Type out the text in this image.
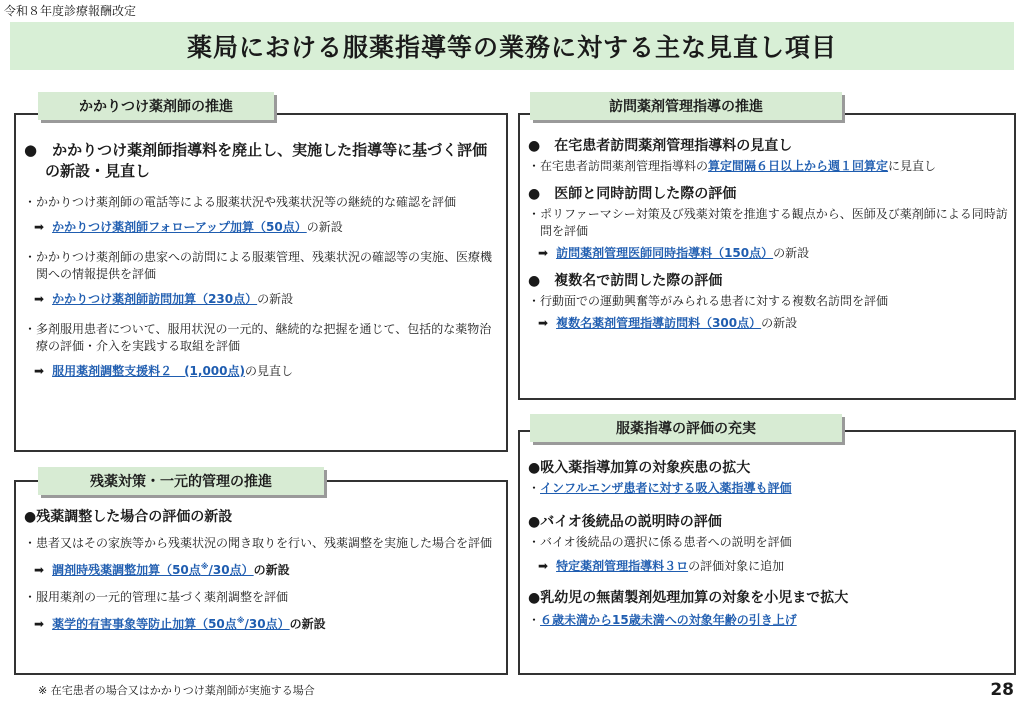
令和８年度診療報酬改定
薬局における服薬指導等の業務に対する主な見直し項目
かかりつけ薬剤師の推進
●　かかりつけ薬剤師指導料を廃止し、実施した指導等に基づく評価の新設・見直し
・かかりつけ薬剤師の電話等による服薬状況や残薬状況等の継続的な確認を評価
➡ かかりつけ薬剤師フォローアップ加算（50点）の新設
・かかりつけ薬剤師の患家への訪問による服薬管理、残薬状況の確認等の実施、医療機関への情報提供を評価
➡ かかりつけ薬剤師訪問加算（230点）の新設
・多剤服用患者について、服用状況の一元的、継続的な把握を通じて、包括的な薬物治療の評価・介入を実践する取組を評価
➡ 服用薬剤調整支援料２　(1,000点)の見直し
残薬対策・一元的管理の推進
●残薬調整した場合の評価の新設
・患者又はその家族等から残薬状況の聞き取りを行い、残薬調整を実施した場合を評価
➡ 調剤時残薬調整加算（50点※/30点）の新設
・服用薬剤の一元的管理に基づく薬剤調整を評価
➡ 薬学的有害事象等防止加算（50点※/30点）の新設
訪問薬剤管理指導の推進
●　在宅患者訪問薬剤管理指導料の見直し
・在宅患者訪問薬剤管理指導料の算定間隔６日以上から週１回算定に見直し
●　医師と同時訪問した際の評価
・ポリファーマシー対策及び残薬対策を推進する観点から、医師及び薬剤師による同時訪問を評価
➡ 訪問薬剤管理医師同時指導料（150点）の新設
●　複数名で訪問した際の評価
・行動面での運動興奮等がみられる患者に対する複数名訪問を評価
➡ 複数名薬剤管理指導訪問料（300点）の新設
服薬指導の評価の充実
●吸入薬指導加算の対象疾患の拡大
・インフルエンザ患者に対する吸入薬指導も評価
●バイオ後続品の説明時の評価
・バイオ後続品の選択に係る患者への説明を評価
➡ 特定薬剤管理指導料３ロの評価対象に追加
●乳幼児の無菌製剤処理加算の対象を小児まで拡大
・６歳未満から15歳未満への対象年齢の引き上げ
※ 在宅患者の場合又はかかりつけ薬剤師が実施する場合	28
